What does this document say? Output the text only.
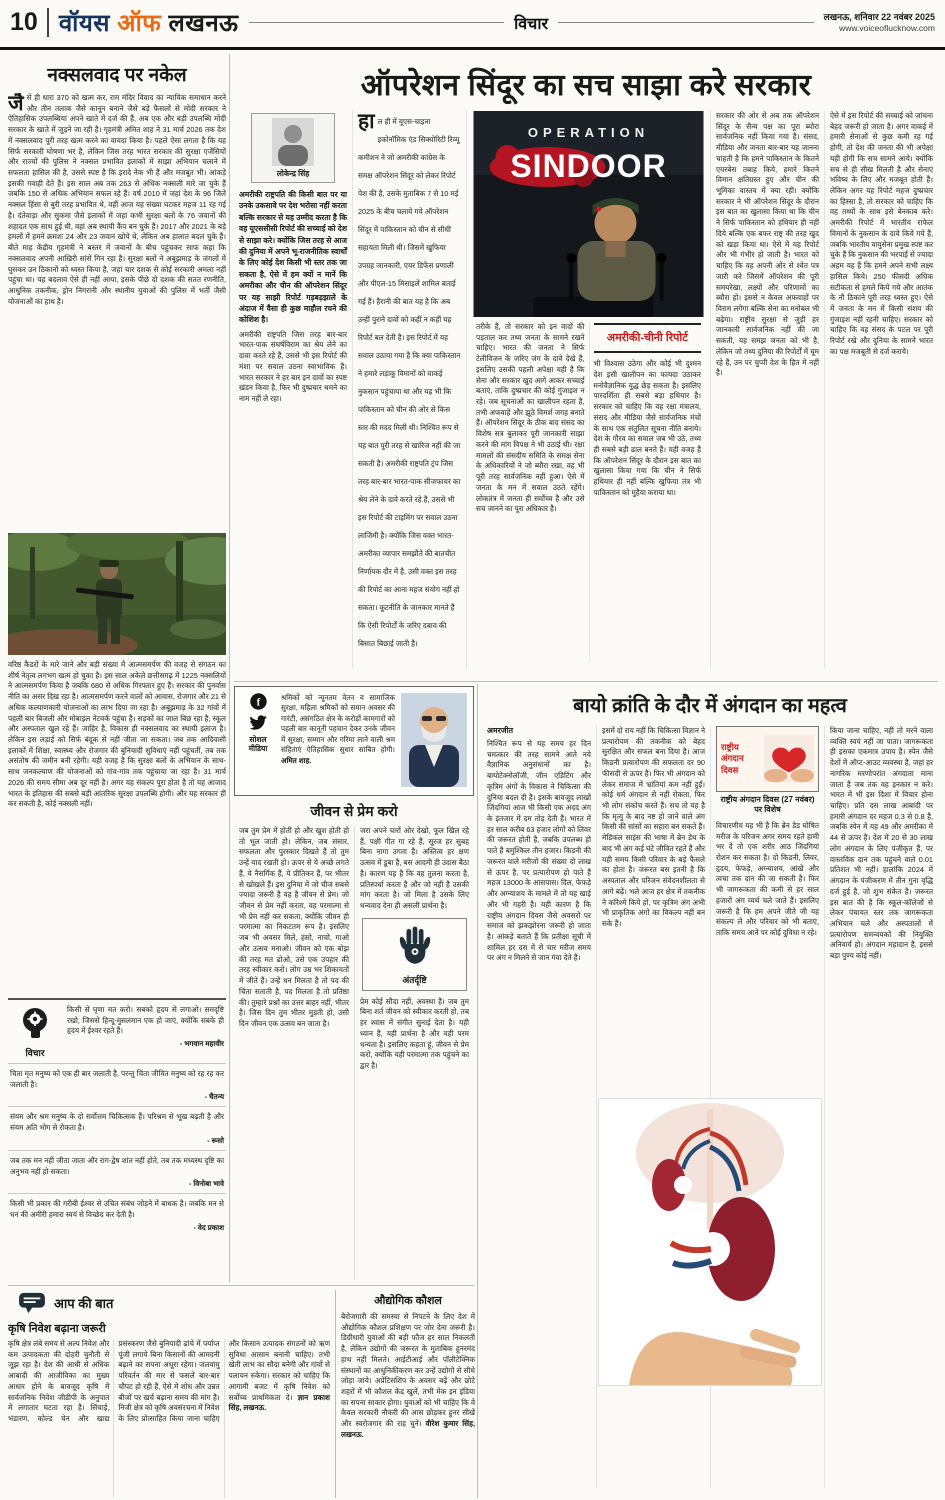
10 वॉयस ऑफ लखनऊ	विचार	लखनऊ, शनिवार 22 नवंबर 2025
www.voiceoflucknow.com
नक्सलवाद पर नकेल
जैसे ही धारा 370 को खत्म कर, राम मंदिर विवाद का न्यायिक समाधान करने और तीन तलाक जैसे कानून बनाने जैसे बड़े फैसलों से मोदी सरकार ने ऐतिहासिक उपलब्धियां अपने खाते में दर्ज की हैं, अब एक और बड़ी उपलब्धि मोदी सरकार के खाते में जुड़ने जा रही है। गृहमंत्री अमित शाह ने 31 मार्च 2026 तक देश में नक्सलवाद पूरी तरह खत्म करने का वायदा किया है। पहले ऐसा लगता है कि यह सिर्फ सरकारी घोषणा भर है, लेकिन जिस तरह भारत सरकार की सुरक्षा एजेंसियों और राज्यों की पुलिस ने नक्सल प्रभावित इलाकों में साझा अभियान चलाने में सफलता हासिल की है, उससे स्पष्ट है कि इरादे नेक भी हैं और मजबूत भी। आंकड़े इसकी गवाही देते हैं। इस साल अब तक 263 से अधिक नक्सली मारे जा चुके हैं जबकि 150 से अधिक अभियान सफल रहे हैं। वर्ष 2010 में जहां देश के 96 जिले नक्सल हिंसा से बुरी तरह प्रभावित थे, वहीं आज यह संख्या घटकर महज 11 रह गई है। दंतेवाड़ा और सुकमा जैसे इलाकों में जहां कभी सुरक्षा बलों के 76 जवानों की शहादत एक साथ हुई थी, वहां अब स्थायी कैंप बन चुके हैं। 2017 और 2021 के बड़े हमलों में हमने क्रमशः 24 और 23 जवान खोये थे, लेकिन अब हालात बदल चुके हैं। बीते माह केंद्रीय गृहमंत्री ने बस्तर में जवानों के बीच पहुंचकर साफ कहा कि नक्सलवाद अपनी आखिरी सांसें गिन रहा है। सुरक्षा बलों ने अबूझमाड़ के जंगलों में घुसकर उन ठिकानों को ध्वस्त किया है, जहां चार दशक से कोई सरकारी अमला नहीं पहुंचा था। यह बदलाव ऐसे ही नहीं आया, इसके पीछे दो दशक की सतत रणनीति, आधुनिक तकनीक, ड्रोन निगरानी और स्थानीय युवाओं की पुलिस में भर्ती जैसी योजनाओं का हाथ है।
वरिष्ठ कैडरों के मारे जाने और बड़ी संख्या में आत्मसमर्पण की वजह से संगठन का शीर्ष नेतृत्व लगभग खत्म हो चुका है। इस साल अकेले छत्तीसगढ़ में 1225 नक्सलियों ने आत्मसमर्पण किया है जबकि 680 से अधिक गिरफ्तार हुए हैं। सरकार की पुनर्वास नीति का असर दिख रहा है। आत्मसमर्पण करने वालों को आवास, रोजगार और 21 से अधिक कल्याणकारी योजनाओं का लाभ दिया जा रहा है। अबूझमाड़ के 32 गांवों में पहली बार बिजली और मोबाइल नेटवर्क पहुंचा है। सड़कों का जाल बिछ रहा है, स्कूल और अस्पताल खुल रहे हैं। जाहिर है, विकास ही नक्सलवाद का स्थायी इलाज है। लेकिन इस लड़ाई को सिर्फ बंदूक से नहीं जीता जा सकता। जब तक आदिवासी इलाकों में शिक्षा, स्वास्थ्य और रोजगार की बुनियादी सुविधाएं नहीं पहुंचतीं, तब तक असंतोष की जमीन बनी रहेगी। यही वजह है कि सुरक्षा बलों के अभियान के साथ-साथ जनकल्याण की योजनाओं को गांव-गांव तक पहुंचाया जा रहा है। 31 मार्च 2026 की समय सीमा अब दूर नहीं है। अगर यह संकल्प पूरा होता है तो यह आजाद भारत के इतिहास की सबसे बड़ी आंतरिक सुरक्षा उपलब्धि होगी। और यह सरकार ही कर सकती है, कोई नक्सली नहीं।
विचार

किसी से घृणा मत करो। सबको हृदय से लगाओ। समदृष्टि रखो, जिससे हिन्दू-मुसलमान एक हो जाएं, क्योंकि सबके ही हृदय में ईश्वर रहते हैं।

- भगवान महावीर

चिता मृत मनुष्य को एक ही बार जलाती है, परन्तु चिंता जीवित मनुष्य को रह रह कर जलाती है।

- चैतन्य

संयम और श्रम मनुष्य के दो सर्वोत्तम चिकित्सक हैं। परिश्रम से भूख बढ़ती है और संयम अति भोग से रोकता है।

- रूसो

जब तक मन नहीं जीता जाता और राग-द्वेष शांत नहीं होते, तब तक मध्यस्थ दृष्टि का अनुभव नहीं हो सकता।

- विनोबा भावे

किसी भी प्रकार की गरीबी ईश्वर से उचित संबंध जोड़ने में बाधक है। जबकि मन से धन की अमीरी हमारा स्वयं से विच्छेद कर देती है।

- वेद प्रकाश
ऑपरेशन सिंदूर का सच साझा करे सरकार
लोकेन्द्र सिंह
अमरीकी राष्ट्रपति की किसी बात पर या उनके उकसावे पर देश भरोसा नहीं करता बल्कि सरकार से यह उम्मीद करता है कि वह यूएससीसी रिपोर्ट की सच्चाई को देश से साझा करे। क्योंकि जिस तरह से आज की दुनिया में अपने भू-राजनीतिक स्वार्थों के लिए कोई देश किसी भी स्तर तक जा सकता है, ऐसे में हम क्यों न मानें कि अमरीका और चीन की ऑपरेशन सिंदूर पर यह साझी रिपोर्ट गड़बड़झाले के अंदाज में वैसा ही कुछ माहौल रचने की कोशिश है।
अमरीकी राष्ट्रपति जिस तरह बार-बार भारत-पाक संघर्षविराम का श्रेय लेने का दावा करते रहे हैं, उससे भी इस रिपोर्ट की मंशा पर सवाल उठना स्वाभाविक है। भारत सरकार ने हर बार इन दावों का स्पष्ट खंडन किया है, फिर भी दुष्प्रचार थमने का नाम नहीं ले रहा।
हाल ही में यूएस-चाइना इकोनॉमिक एंड सिक्योरिटी रिव्यू कमीशन ने जो अमरीकी कांग्रेस के समक्ष ऑपरेशन सिंदूर को लेकर रिपोर्ट पेश की है, उसके मुताबिक 7 से 10 मई 2025 के बीच चलाये गये ऑपरेशन सिंदूर में पाकिस्तान को चीन से सीधी सहायता मिली थी। जिसमें खुफिया उपग्रह जानकारी, एयर डिफेंस प्रणाली और पीएल-15 मिसाइलें शामिल बताई गई हैं। हैरानी की बात यह है कि अब उन्हीं पुराने दावों को कहीं न कहीं यह रिपोर्ट बल देती है। इस रिपोर्ट में यह सवाल उठाया गया है कि क्या पाकिस्तान ने हमारे लड़ाकू विमानों को वाकई नुकसान पहुंचाया था और यह भी कि पाकिस्तान को चीन की ओर से किस स्तर की मदद मिली थी। निश्चित रूप से यह बात पूरी तरह से खारिज नहीं की जा सकती है। अमरीकी राष्ट्रपति ट्रंप जिस तरह बार-बार भारत-पाक सीजफायर का श्रेय लेने के दावे करते रहे हैं, उससे भी इस रिपोर्ट की टाइमिंग पर सवाल उठना लाजिमी है। क्योंकि जिस वक्त भारत-अमरीका व्यापार समझौते की बातचीत निर्णायक दौर में है, उसी वक्त इस तरह की रिपोर्ट का आना महज संयोग नहीं हो सकता। कूटनीति के जानकार मानते हैं कि ऐसी रिपोर्टों के जरिए दबाव की बिसात बिछाई जाती है।
OPERATION
SINDOOR
तरीके हैं, तो सरकार को इन वादों की पड़ताल कर तथ्य जनता के सामने रखने चाहिए। भारत की जनता ने सिर्फ टेलीविजन के जरिए जंग के दावे देखे हैं, इसलिए उसकी पहली अपेक्षा यही है कि सेना और सरकार खुद आगे आकर सच्चाई बताएं, ताकि दुष्प्रचार की कोई गुंजाइश न रहे। जब सूचनाओं का खालीपन रहता है, तभी अफवाहें और झूठे विमर्श जगह बनाते हैं। ऑपरेशन सिंदूर के ठीक बाद संसद का विशेष सत्र बुलाकर पूरी जानकारी साझा करने की मांग विपक्ष ने भी उठाई थी। रक्षा मामलों की संसदीय समिति के समक्ष सेना के अधिकारियों ने जो ब्यौरा रखा, वह भी पूरी तरह सार्वजनिक नहीं हुआ। ऐसे में जनता के मन में सवाल उठते रहेंगे। लोकतंत्र में जनता ही सर्वोच्च है और उसे सच जानने का पूरा अधिकार है।
अमरीकी-चीनी रिपोर्ट
भी विश्वास उठेगा और कोई भी दुश्मन देश इसी खालीपन का फायदा उठाकर मनोवैज्ञानिक युद्ध छेड़ सकता है। इसलिए पारदर्शिता ही सबसे बड़ा हथियार है। सरकार को चाहिए कि वह रक्षा मंत्रालय, संसद और मीडिया जैसे सार्वजनिक मंचों के साथ एक संतुलित सूचना नीति बनाये। देश के गौरव का सवाल जब भी उठे, तथ्य ही सबसे बड़ी ढाल बनते हैं। यही वजह है कि ऑपरेशन सिंदूर के दौरान इस बात का खुलासा किया गया कि चीन ने सिर्फ हथियार ही नहीं बल्कि खुफिया तंत्र भी पाकिस्तान को मुहैया कराया था।
सरकार की ओर से अब तक ऑपरेशन सिंदूर के सैन्य पक्ष का पूरा ब्योरा सार्वजनिक नहीं किया गया है। संसद, मीडिया और जनता बार-बार यह जानना चाहती है कि हमने पाकिस्तान के कितने एयरबेस तबाह किये, हमारे कितने विमान क्षतिग्रस्त हुए और चीन की भूमिका वास्तव में क्या रही। क्योंकि सरकार ने भी ऑपरेशन सिंदूर के दौरान इस बात का खुलासा किया था कि चीन ने सिर्फ पाकिस्तान को हथियार ही नहीं दिये बल्कि एक बफर राष्ट्र की तरह खुद को खड़ा किया था। ऐसे में यह रिपोर्ट और भी गंभीर हो जाती है। भारत को चाहिए कि वह अपनी ओर से श्वेत पत्र जारी करे जिसमें ऑपरेशन की पूरी समयरेखा, लक्ष्यों और परिणामों का ब्यौरा हो। इससे न केवल अफवाहों पर विराम लगेगा बल्कि सेना का मनोबल भी बढ़ेगा। राष्ट्रीय सुरक्षा से जुड़ी हर जानकारी सार्वजनिक नहीं की जा सकती, यह समझ जनता को भी है, लेकिन जो तथ्य दुनिया की रिपोर्टों में घूम रहे हैं, उन पर चुप्पी देश के हित में नहीं है।
ऐसे में इस रिपोर्ट की सच्चाई को जांचना बेहद जरूरी हो जाता है। अगर वाकई में हमारी सेनाओं से कुछ कमी रह गई होगी, तो देश की जनता की भी अपेक्षा यही होगी कि सच सामने आये। क्योंकि सच से ही सीख मिलती है और सेनाएं भविष्य के लिए और मजबूत होती हैं। लेकिन अगर यह रिपोर्ट महज दुष्प्रचार का हिस्सा है, तो सरकार को चाहिए कि वह तथ्यों के साथ इसे बेनकाब करे। अमरीकी रिपोर्ट में भारतीय राफेल विमानों के नुकसान के दावे किये गये हैं, जबकि भारतीय वायुसेना प्रमुख स्पष्ट कर चुके हैं कि नुकसान की भरपाई से ज्यादा अहम यह है कि हमने अपने सभी लक्ष्य हासिल किये। 250 फीसदी अधिक सटीकता से हमले किये गये और आतंक के नौ ठिकाने पूरी तरह ध्वस्त हुए। ऐसे में जनता के मन में किसी संशय की गुंजाइश नहीं रहनी चाहिए। सरकार को चाहिए कि वह संसद के पटल पर पूरी रिपोर्ट रखे और दुनिया के सामने भारत का पक्ष मजबूती से दर्ज कराये।
f
सोशल मीडिया
श्रमिकों को न्यूनतम वेतन व सामाजिक सुरक्षा, महिला श्रमिकों को समान अवसर की गारंटी, असंगठित क्षेत्र के करोड़ों कामगारों को पहली बार कानूनी पहचान देकर उनके जीवन में सुरक्षा, सम्मान और गरिमा लाने वाली श्रम संहिताएं ऐतिहासिक सुधार साबित होंगी। अमित शाह.
जीवन से प्रेम करो
जब तुम प्रेम में होती हो और खुश होती हो तो भूल जाती हो। लेकिन, जब संसार, सफलता और पुरस्कार दिखते हैं तो तुम उन्हें याद रखती हो। ऊपर से ये अच्छे लगते हैं, ये नैसर्गिक हैं, ये प्रीतिकर हैं, पर भीतर से खोखले हैं। इस दुनिया में जो चीज सबसे ज्यादा जरूरी है वह है जीवन से प्रेम। जो जीवन से प्रेम नहीं करता, वह परमात्मा से भी प्रेम नहीं कर सकता, क्योंकि जीवन ही परमात्मा का निकटतम रूप है। इसलिए जब भी अवसर मिले, हंसो, नाचो, गाओ और उत्सव मनाओ। जीवन को एक बोझ की तरह मत ढोओ, उसे एक उपहार की तरह स्वीकार करो। लोग उम्र भर शिकायतों में जीते हैं। उन्हें धन मिलता है तो पद की चिंता सताती है, पद मिलता है तो प्रतिष्ठा की। तुम्हारे प्रश्नों का उत्तर बाहर नहीं, भीतर है। जिस दिन तुम भीतर मुड़ती हो, उसी दिन जीवन एक उत्सव बन जाता है।
जरा अपने चारों ओर देखो, फूल खिल रहे हैं, पक्षी गीत गा रहे हैं, सूरज हर सुबह बिना नागा उगता है। अस्तित्व हर क्षण उत्सव में डूबा है, बस आदमी ही उदास बैठा है। कारण यह है कि वह तुलना करता है, प्रतिस्पर्धा करता है और जो नहीं है उसकी मांग करता है। जो मिला है उसके लिए धन्यवाद देना ही असली प्रार्थना है।
अंतर्दृष्टि
प्रेम कोई सौदा नहीं, अवस्था है। जब तुम बिना शर्त जीवन को स्वीकार करती हो, तब हर श्वास में संगीत सुनाई देता है। यही ध्यान है, यही प्रार्थना है और यही परम धन्यता है। इसलिए कहता हूं, जीवन से प्रेम करो, क्योंकि यही परमात्मा तक पहुंचने का द्वार है।
बायो क्रांति के दौर में अंगदान का महत्व
अमरजीत
निश्चित रूप से यह समय हर दिन चमत्कार की तरह सामने आते नये वैज्ञानिक अनुसंधानों का है। बायोटेक्नोलॉजी, जीन एडिटिंग और कृत्रिम अंगों के विकास ने चिकित्सा की दुनिया बदल दी है। इसके बावजूद लाखों जिंदगियां आज भी किसी एक अदद अंग के इंतजार में दम तोड़ देती हैं। भारत में हर साल करीब 63 हजार लोगों को लिवर की जरूरत होती है, जबकि उपलब्ध हो पाते हैं बमुश्किल तीन हजार। किडनी की जरूरत वाले मरीजों की संख्या दो लाख से ऊपर है, पर प्रत्यारोपण हो पाते हैं महज 13000 के आसपास। दिल, फेफड़े और अग्न्याशय के मामले में तो यह खाई और भी गहरी है। यही कारण है कि राष्ट्रीय अंगदान दिवस जैसे अवसरों पर समाज को झकझोरना जरूरी हो जाता है। आंकड़े बताते हैं कि प्रतीक्षा सूची में शामिल हर दस में से चार मरीज समय पर अंग न मिलने से जान गंवा देते हैं।
इसमें दो राय नहीं कि चिकित्सा विज्ञान ने प्रत्यारोपण की तकनीक को बेहद सुरक्षित और सफल बना दिया है। आज किडनी प्रत्यारोपण की सफलता दर 90 फीसदी से ऊपर है। फिर भी अंगदान को लेकर समाज में भ्रांतियां कम नहीं हुईं। कोई धर्म अंगदान से नहीं रोकता, फिर भी लोग संकोच करते हैं। सच तो यह है कि मृत्यु के बाद नष्ट हो जाने वाले अंग किसी की सांसों का सहारा बन सकते हैं। मेडिकल साइंस की भाषा में ब्रेन डेथ के बाद भी अंग कई घंटे जीवित रहते हैं और यही समय किसी परिवार के बड़े फैसले का होता है। जरूरत बस इतनी है कि अस्पताल और परिजन संवेदनशीलता से आगे बढ़ें। भले आज हर क्षेत्र में तकनीक ने करिश्मे किये हों, पर कृत्रिम अंग अभी भी प्राकृतिक अंगों का विकल्प नहीं बन सके हैं।
राष्ट्रीय अंगदान दिवस
राष्ट्रीय अंगदान दिवस (27 नवंबर) पर विशेष
विचारणीय यह भी है कि ब्रेन डेड घोषित मरीज के परिजन अगर समय रहते हामी भर दें तो एक शरीर आठ जिंदगियां रोशन कर सकता है। दो किडनी, लिवर, हृदय, फेफड़े, अग्न्याशय, आंखें और त्वचा तक दान की जा सकती है। फिर भी जागरूकता की कमी से हर साल हजारों अंग व्यर्थ चले जाते हैं। इसलिए जरूरी है कि हम अपने जीते जी यह संकल्प लें और परिवार को भी बताएं, ताकि समय आने पर कोई दुविधा न रहे।
किया जाना चाहिए, नहीं तो मरने वाला व्यक्ति स्वयं नहीं जा पाता। जागरूकता ही इसका एकमात्र उपाय है। स्पेन जैसे देशों में ऑप्ट-आउट व्यवस्था है, जहां हर नागरिक मरणोपरांत अंगदाता माना जाता है जब तक वह इनकार न करे। भारत में भी इस दिशा में विचार होना चाहिए। प्रति दस लाख आबादी पर हमारी अंगदान दर महज 0.3 से 0.8 है, जबकि स्पेन में यह 49 और अमरीका में 44 से ऊपर है। देश में 20 से 30 लाख लोग अंगदान के लिए पंजीकृत हैं, पर वास्तविक दान तक पहुंचने वाले 0.01 प्रतिशत भी नहीं। हालांकि 2024 में अंगदान के पंजीकरण में तीन गुना वृद्धि दर्ज हुई है, जो शुभ संकेत है। जरूरत इस बात की है कि स्कूल-कॉलेजों से लेकर पंचायत स्तर तक जागरूकता अभियान चले और अस्पतालों में प्रत्यारोपण समन्वयकों की नियुक्ति अनिवार्य हो। अंगदान महादान है, इससे बड़ा पुण्य कोई नहीं।
आप की बात
कृषि निवेश बढ़ाना जरूरी
कृषि क्षेत्र लंबे समय से अल्प निवेश और कम उत्पादकता की दोहरी चुनौती से जूझ रहा है। देश की आधी से अधिक आबादी की आजीविका का मुख्य आधार होने के बावजूद कृषि में सार्वजनिक निवेश जीडीपी के अनुपात में लगातार घटता रहा है। सिंचाई, भंडारण, कोल्ड चेन और खाद्य प्रसंस्करण जैसे बुनियादी ढांचे में पर्याप्त पूंजी लगाये बिना किसानों की आमदनी बढ़ाने का सपना अधूरा रहेगा। जलवायु परिवर्तन की मार से फसलें बार-बार चौपट हो रही हैं, ऐसे में शोध और उन्नत बीजों पर खर्च बढ़ाना समय की मांग है। निजी क्षेत्र को कृषि अवसंरचना में निवेश के लिए प्रोत्साहित किया जाना चाहिए और किसान उत्पादक संगठनों को ऋण सुविधा आसान बनानी चाहिए। तभी खेती लाभ का सौदा बनेगी और गांवों से पलायन रुकेगा। सरकार को चाहिए कि आगामी बजट में कृषि निवेश को सर्वोच्च प्राथमिकता दे। ज्ञान प्रकाश सिंह, लखनऊ.
औद्योगिक कौशल
बेरोजगारी की समस्या से निपटने के लिए देश में औद्योगिक कौशल प्रशिक्षण पर जोर देना जरूरी है। डिग्रीधारी युवाओं की बड़ी फौज हर साल निकलती है, लेकिन उद्योगों की जरूरत के मुताबिक हुनरमंद हाथ नहीं मिलते। आईटीआई और पॉलीटेक्निक संस्थानों का आधुनिकीकरण कर उन्हें उद्योगों से सीधे जोड़ा जाये। अप्रेंटिसशिप के अवसर बढ़ें और छोटे शहरों में भी कौशल केंद्र खुलें, तभी मेक इन इंडिया का सपना साकार होगा। युवाओं को भी चाहिए कि वे केवल सरकारी नौकरी की आस छोड़कर हुनर सीखें और स्वरोजगार की राह चुनें। वीरेश कुमार सिंह, लखनऊ.
